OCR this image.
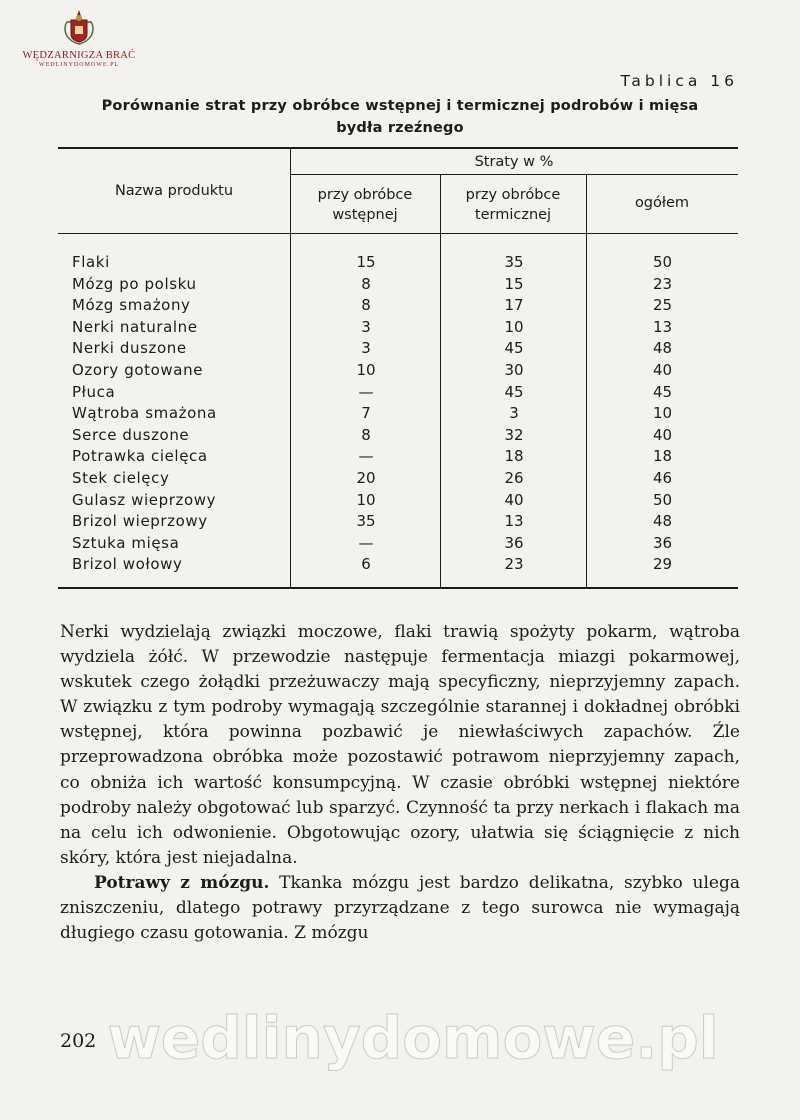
WĘDZARNIGZA BRAĆ
WEDLINYDOMOWE.PL
Tablica 16
Porównanie strat przy obróbce wstępnej i termicznej podrobów i mięsa
bydła rzeźnego
Nazwa produktu
Straty w %
przy obróbce wstępnej
przy obróbce termicznej
ogółem
Flaki	15	35	50
Mózg po polsku	8	15	23
Mózg smażony	8	17	25
Nerki naturalne	3	10	13
Nerki duszone	3	45	48
Ozory gotowane	10	30	40
Płuca	—	45	45
Wątroba smażona	7	3	10
Serce duszone	8	32	40
Potrawka cielęca	—	18	18
Stek cielęcy	20	26	46
Gulasz wieprzowy	10	40	50
Brizol wieprzowy	35	13	48
Sztuka mięsa	—	36	36
Brizol wołowy	6	23	29

Nerki wydzielają związki moczowe, flaki trawią spożyty pokarm, wątroba wydziela żółć. W przewodzie następuje fermentacja miazgi pokarmowej, wskutek czego żołądki przeżuwaczy mają specyficzny, nieprzyjemny zapach. W związku z tym podroby wymagają szczególnie starannej i dokładnej obróbki wstępnej, która powinna pozbawić je niewłaściwych zapachów. Źle przeprowadzona obróbka może pozostawić potrawom nieprzyjemny zapach, co obniża ich wartość konsumpcyjną. W czasie obróbki wstępnej niektóre podroby należy obgotować lub sparzyć. Czynność ta przy nerkach i flakach ma na celu ich odwonienie. Obgotowując ozory, ułatwia się ściągnięcie z nich skóry, która jest niejadalna.

Potrawy z mózgu. Tkanka mózgu jest bardzo delikatna, szybko ulega zniszczeniu, dlatego potrawy przyrządzane z tego surowca nie wymagają długiego czasu gotowania. Z mózgu

wedlinydomowe.pl
202
